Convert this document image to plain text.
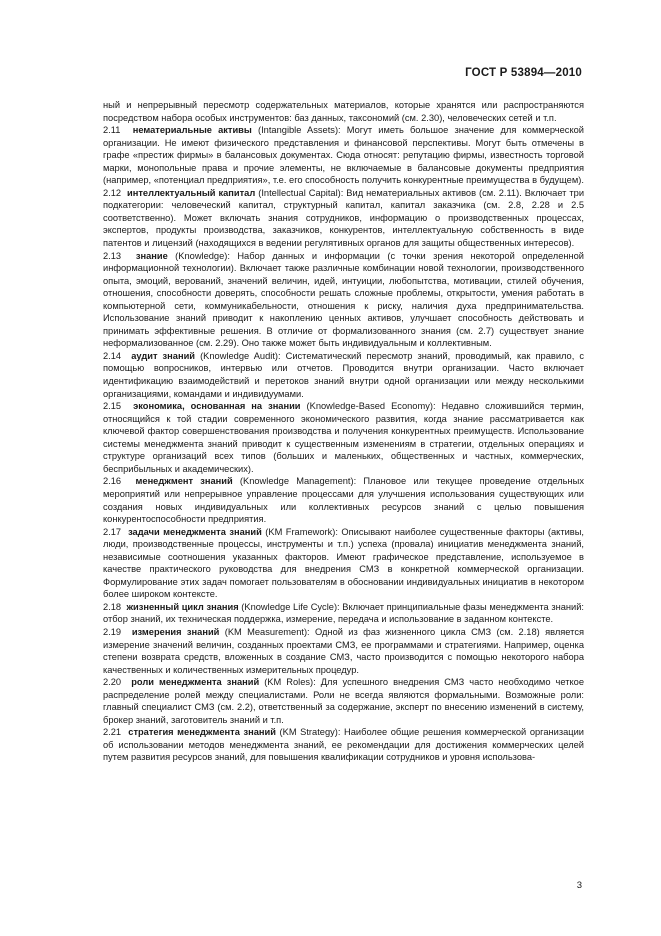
ГОСТ Р 53894—2010

ный и непрерывный пересмотр содержательных материалов, которые хранятся или распространяются посредством набора особых инструментов: баз данных, таксономий (см. 2.30), человеческих сетей и т.п.

2.11 нематериальные активы (Intangible Assets): Могут иметь большое значение для коммерческой организации. Не имеют физического представления и финансовой перспективы. Могут быть отмечены в графе «престиж фирмы» в балансовых документах. Сюда относят: репутацию фирмы, известность торговой марки, монопольные права и прочие элементы, не включаемые в балансовые документы предприятия (например, «потенциал предприятия», т.е. его способность получить конкурентные преимущества в будущем).

2.12 интеллектуальный капитал (Intellectual Capital): Вид нематериальных активов (см. 2.11). Включает три подкатегории: человеческий капитал, структурный капитал, капитал заказчика (см. 2.8, 2.28 и 2.5 соответственно). Может включать знания сотрудников, информацию о производственных процессах, экспертов, продукты производства, заказчиков, конкурентов, интеллектуальную собственность в виде патентов и лицензий (находящихся в ведении регулятивных органов для защиты общественных интересов).

2.13 знание (Knowledge): Набор данных и информации (с точки зрения некоторой определенной информационной технологии). Включает также различные комбинации новой технологии, производственного опыта, эмоций, верований, значений величин, идей, интуиции, любопытства, мотивации, стилей обучения, отношения, способности доверять, способности решать сложные проблемы, открытости, умения работать в компьютерной сети, коммуникабельности, отношения к риску, наличия духа предпринимательства. Использование знаний приводит к накоплению ценных активов, улучшает способность действовать и принимать эффективные решения. В отличие от формализованного знания (см. 2.7) существует знание неформализованное (см. 2.29). Оно также может быть индивидуальным и коллективным.

2.14 аудит знаний (Knowledge Audit): Систематический пересмотр знаний, проводимый, как правило, с помощью вопросников, интервью или отчетов. Проводится внутри организации. Часто включает идентификацию взаимодействий и перетоков знаний внутри одной организации или между несколькими организациями, командами и индивидуумами.

2.15 экономика, основанная на знании (Knowledge-Based Economy): Недавно сложившийся термин, относящийся к той стадии современного экономического развития, когда знание рассматривается как ключевой фактор совершенствования производства и получения конкурентных преимуществ. Использование системы менеджмента знаний приводит к существенным изменениям в стратегии, отдельных операциях и структуре организаций всех типов (больших и маленьких, общественных и частных, коммерческих, бесприбыльных и академических).

2.16 менеджмент знаний (Knowledge Management): Плановое или текущее проведение отдельных мероприятий или непрерывное управление процессами для улучшения использования существующих или создания новых индивидуальных или коллективных ресурсов знаний с целью повышения конкурентоспособности предприятия.

2.17 задачи менеджмента знаний (KM Framework): Описывают наиболее существенные факторы (активы, люди, производственные процессы, инструменты и т.п.) успеха (провала) инициатив менеджмента знаний, независимые соотношения указанных факторов. Имеют графическое представление, используемое в качестве практического руководства для внедрения СМЗ в конкретной коммерческой организации. Формулирование этих задач помогает пользователям в обосновании индивидуальных инициатив в некотором более широком контексте.

2.18 жизненный цикл знания (Knowledge Life Cycle): Включает принципиальные фазы менеджмента знаний: отбор знаний, их техническая поддержка, измерение, передача и использование в заданном контексте.

2.19 измерения знаний (KM Measurement): Одной из фаз жизненного цикла СМЗ (см. 2.18) является измерение значений величин, созданных проектами СМЗ, ее программами и стратегиями. Например, оценка степени возврата средств, вложенных в создание СМЗ, часто производится с помощью некоторого набора качественных и количественных измерительных процедур.

2.20 роли менеджмента знаний (KM Roles): Для успешного внедрения СМЗ часто необходимо четкое распределение ролей между специалистами. Роли не всегда являются формальными. Возможные роли: главный специалист СМЗ (см. 2.2), ответственный за содержание, эксперт по внесению изменений в систему, брокер знаний, заготовитель знаний и т.п.

2.21 стратегия менеджмента знаний (KM Strategy): Наиболее общие решения коммерческой организации об использовании методов менеджмента знаний, ее рекомендации для достижения коммерческих целей путем развития ресурсов знаний, для повышения квалификации сотрудников и уровня использова-

3
